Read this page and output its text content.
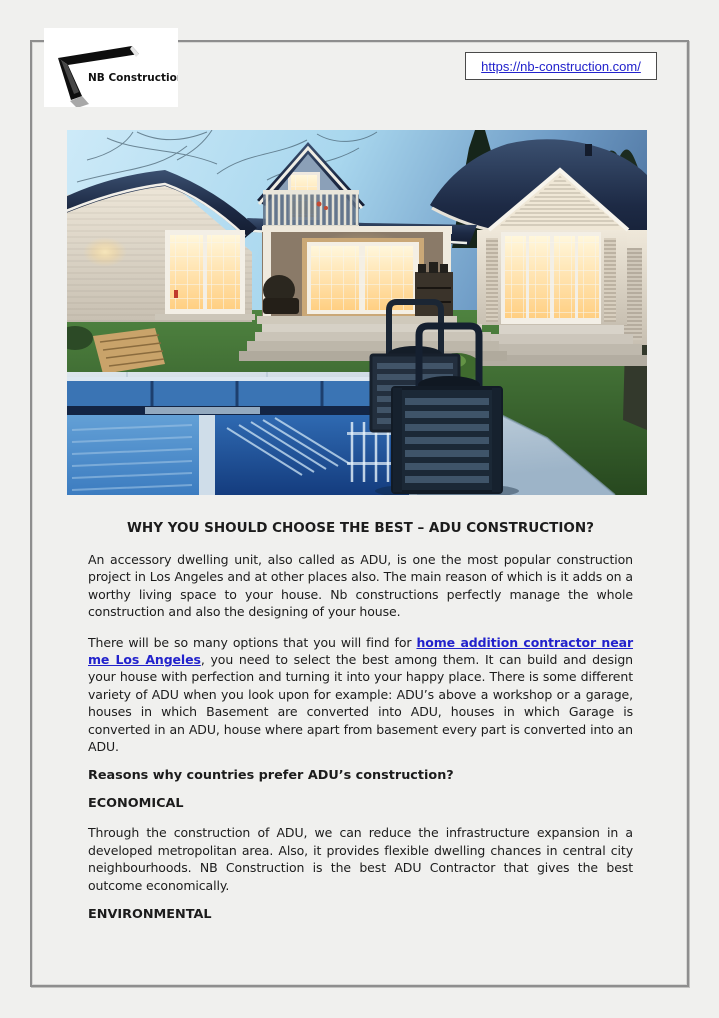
NB Construction
https://nb-construction.com/
WHY YOU SHOULD CHOOSE THE BEST – ADU CONSTRUCTION?

An accessory dwelling unit, also called as ADU, is one the most popular construction project in Los Angeles and at other places also. The main reason of which is it adds on a worthy living space to your house. Nb constructions perfectly manage the whole construction and also the designing of your house.

There will be so many options that you will find for home addition contractor near me Los Angeles, you need to select the best among them. It can build and design your house with perfection and turning it into your happy place. There is some different variety of ADU when you look upon for example: ADU’s above a workshop or a garage, houses in which Basement are converted into ADU, houses in which Garage is converted in an ADU, house where apart from basement every part is converted into an ADU.

Reasons why countries prefer ADU’s construction?
ECONOMICAL

Through the construction of ADU, we can reduce the infrastructure expansion in a developed metropolitan area. Also, it provides flexible dwelling chances in central city neighbourhoods. NB Construction is the best ADU Contractor that gives the best outcome economically.

ENVIRONMENTAL
